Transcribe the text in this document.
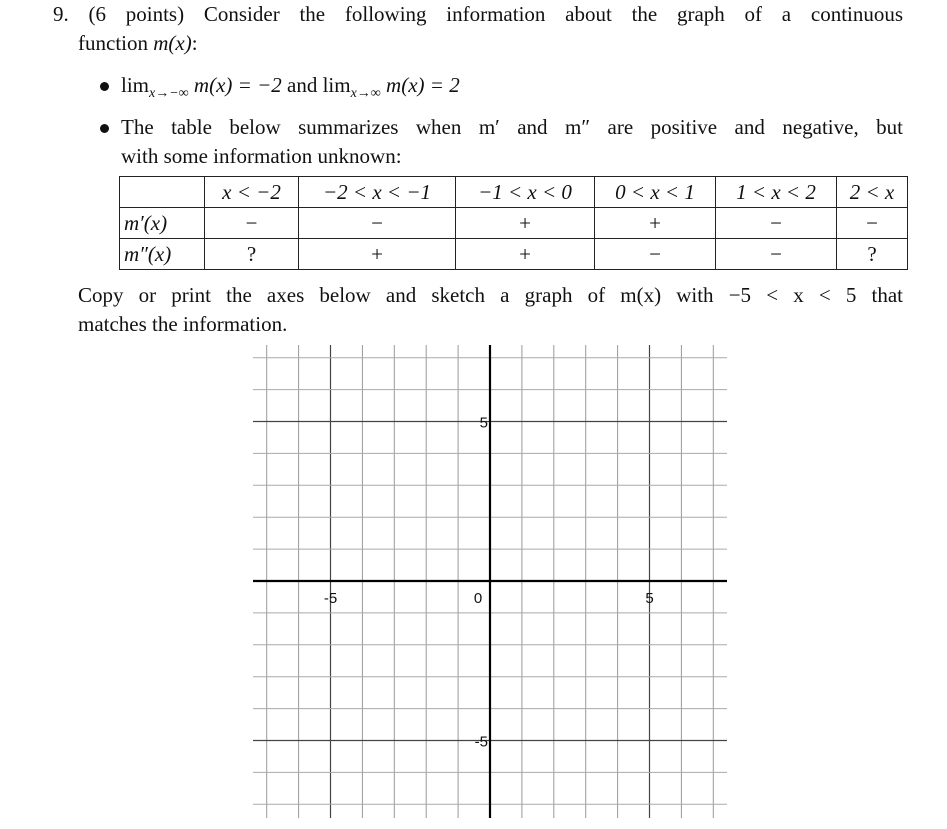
9. (6 points) Consider the following information about the graph of a continuous
function m(x):
$\lim_{x\to-\infty} m(x) = -2$ and $\lim_{x\to\infty} m(x) = 2$
The table below summarizes when m′ and m″ are positive and negative, but
with some information unknown:
	x < −2	−2 < x < −1	−1 < x < 0	0 < x < 1	1 < x < 2	2 < x
m′(x)	−	−	+	+	−	−
m″(x)	?	+	+	−	−	?
Copy or print the axes below and sketch a graph of m(x) with −5 < x < 5 that
matches the information.
-5	0	5
5
-5
